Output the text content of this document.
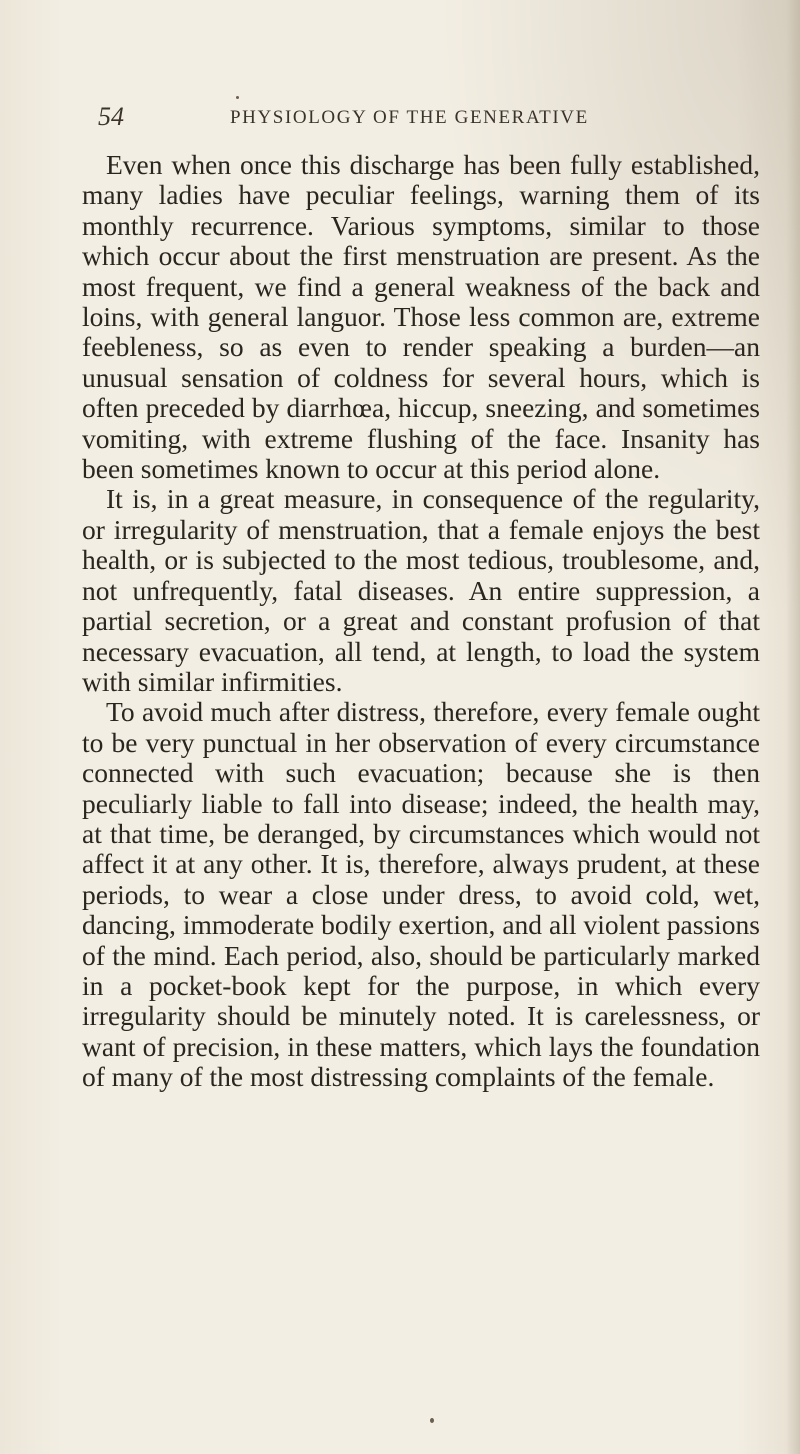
54	PHYSIOLOGY OF THE GENERATIVE

Even when once this discharge has been fully established, many ladies have peculiar feelings, warning them of its monthly recurrence. Various symptoms, similar to those which occur about the first menstruation are present. As the most frequent, we find a general weakness of the back and loins, with general languor. Those less common are, extreme feebleness, so as even to render speaking a burden—an unusual sensation of coldness for several hours, which is often preceded by diarrhœa, hiccup, sneezing, and sometimes vomiting, with extreme flushing of the face. Insanity has been sometimes known to occur at this period alone.

It is, in a great measure, in consequence of the regularity, or irregularity of menstruation, that a female enjoys the best health, or is subjected to the most tedious, troublesome, and, not unfrequently, fatal diseases. An entire suppression, a partial secretion, or a great and constant profusion of that necessary evacuation, all tend, at length, to load the system with similar infirmities.

To avoid much after distress, therefore, every female ought to be very punctual in her observation of every circumstance connected with such evacuation; because she is then peculiarly liable to fall into disease; indeed, the health may, at that time, be deranged, by circumstances which would not affect it at any other. It is, therefore, always prudent, at these periods, to wear a close under dress, to avoid cold, wet, dancing, immoderate bodily exertion, and all violent passions of the mind. Each period, also, should be particularly marked in a pocket-book kept for the purpose, in which every irregularity should be minutely noted. It is carelessness, or want of precision, in these matters, which lays the foundation of many of the most distressing complaints of the female.
